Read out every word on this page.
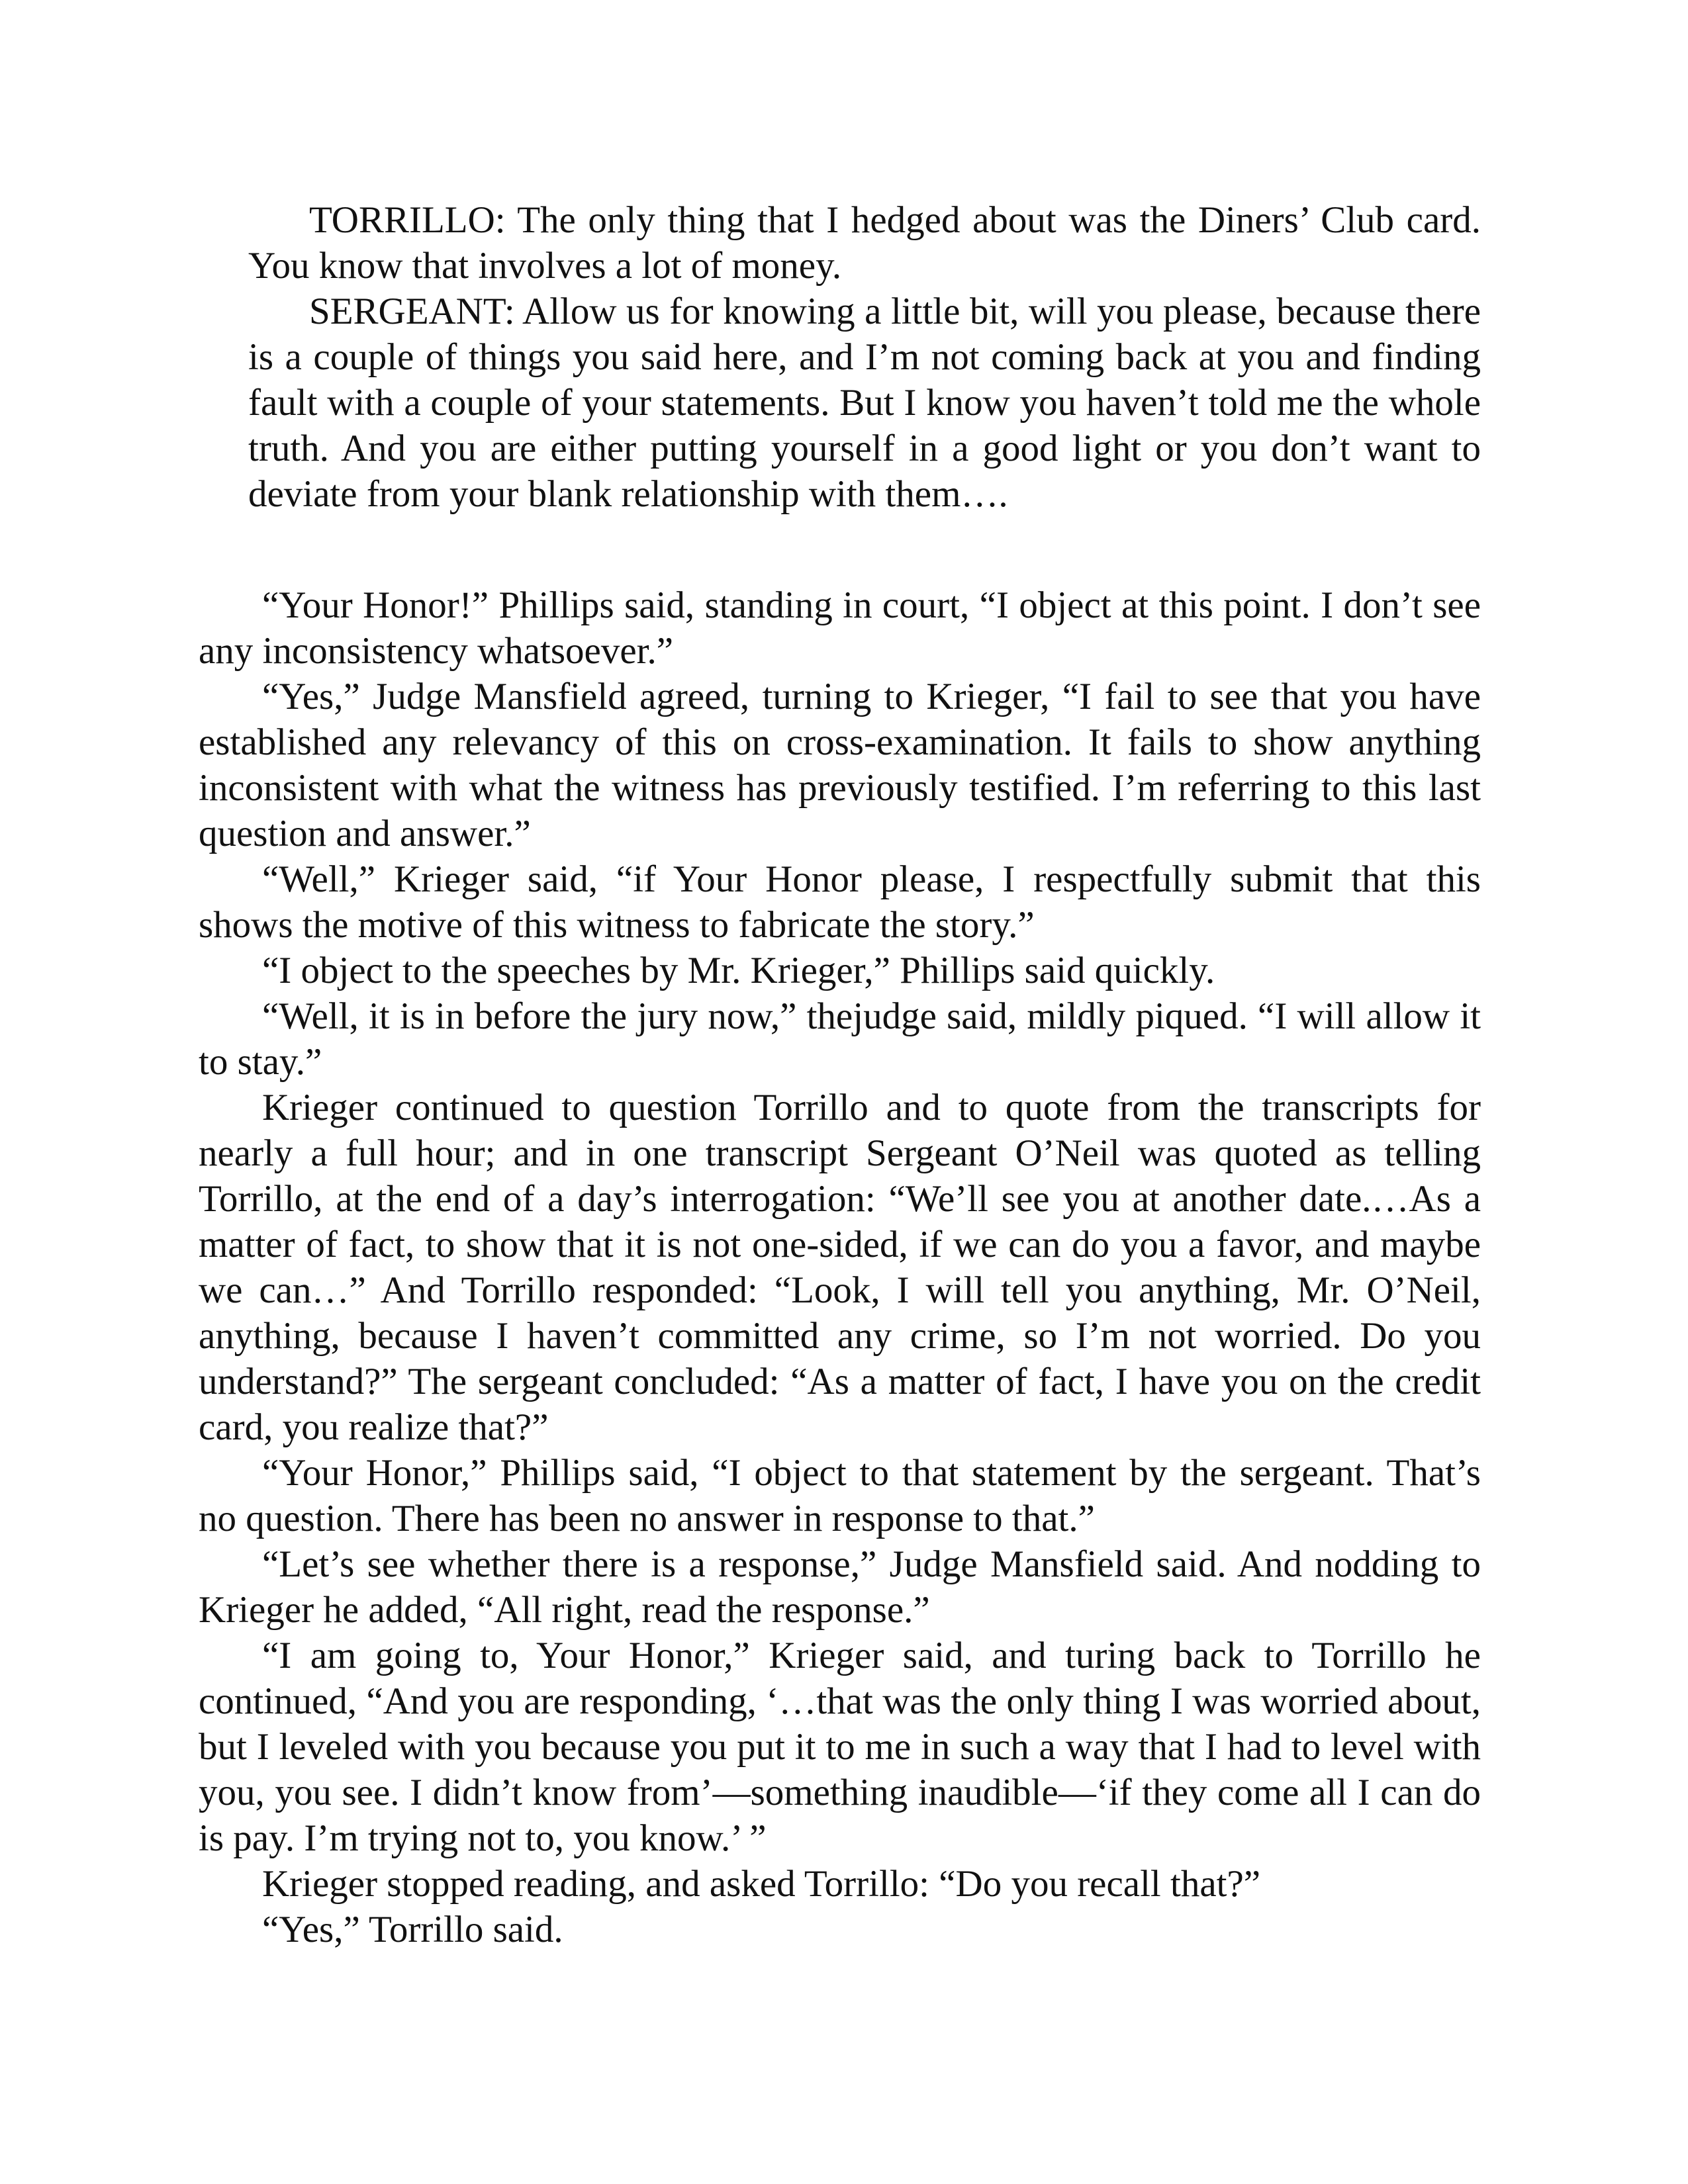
TORRILLO: The only thing that I hedged about was the Diners’ Club card. You know that involves a lot of money.

SERGEANT: Allow us for knowing a little bit, will you please, because there is a couple of things you said here, and I’m not coming back at you and finding fault with a couple of your statements. But I know you haven’t told me the whole truth. And you are either putting yourself in a good light or you don’t want to deviate from your blank relationship with them….

“Your Honor!” Phillips said, standing in court, “I object at this point. I don’t see any inconsistency whatsoever.”

“Yes,” Judge Mansfield agreed, turning to Krieger, “I fail to see that you have established any relevancy of this on cross-examination. It fails to show anything inconsistent with what the witness has previously testified. I’m referring to this last question and answer.”

“Well,” Krieger said, “if Your Honor please, I respectfully submit that this shows the motive of this witness to fabricate the story.”

“I object to the speeches by Mr. Krieger,” Phillips said quickly.

“Well, it is in before the jury now,” thejudge said, mildly piqued. “I will allow it to stay.”

Krieger continued to question Torrillo and to quote from the transcripts for nearly a full hour; and in one transcript Sergeant O’Neil was quoted as telling Torrillo, at the end of a day’s interrogation: “We’ll see you at another date.…As a matter of fact, to show that it is not one-sided, if we can do you a favor, and maybe we can…” And Torrillo responded: “Look, I will tell you anything, Mr. O’Neil, anything, because I haven’t committed any crime, so I’m not worried. Do you understand?” The sergeant concluded: “As a matter of fact, I have you on the credit card, you realize that?”

“Your Honor,” Phillips said, “I object to that statement by the sergeant. That’s no question. There has been no answer in response to that.”

“Let’s see whether there is a response,” Judge Mansfield said. And nodding to Krieger he added, “All right, read the response.”

“I am going to, Your Honor,” Krieger said, and turing back to Torrillo he continued, “And you are responding, ‘…that was the only thing I was worried about, but I leveled with you because you put it to me in such a way that I had to level with you, you see. I didn’t know from’—something inaudible—‘if they come all I can do is pay. I’m trying not to, you know.’ ”

Krieger stopped reading, and asked Torrillo: “Do you recall that?”

“Yes,” Torrillo said.
